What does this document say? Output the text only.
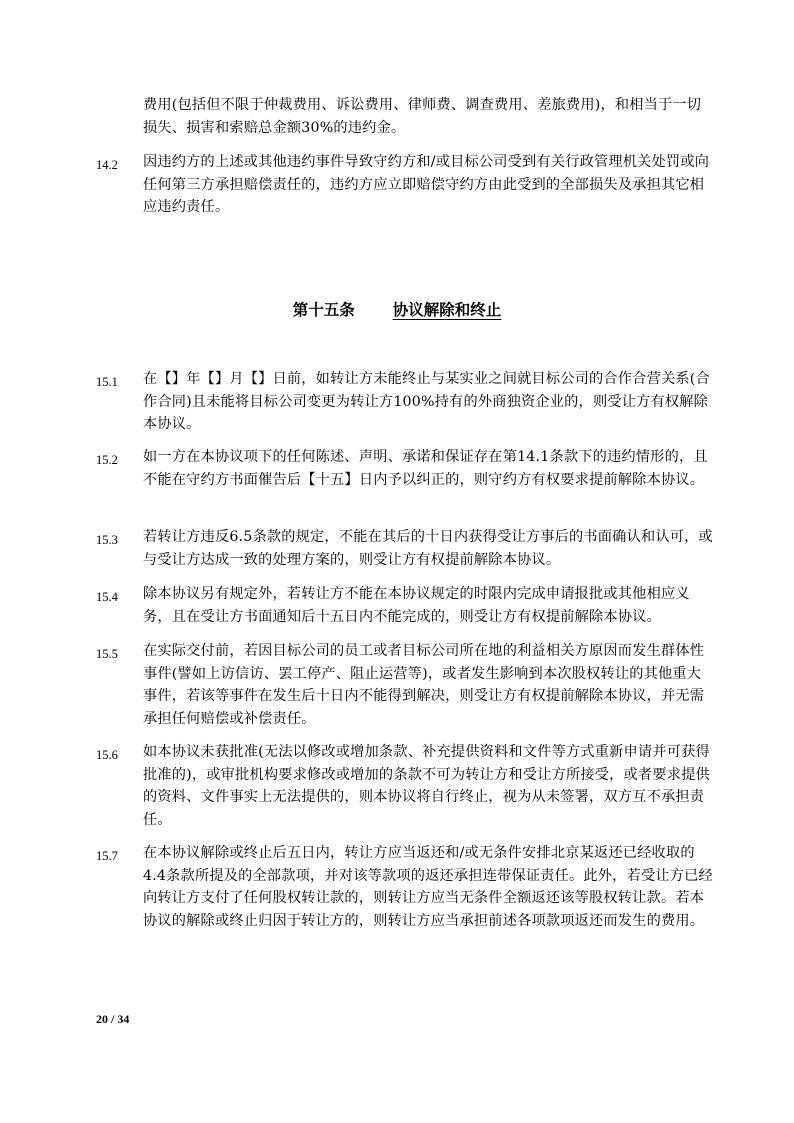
费用(包括但不限于仲裁费用、诉讼费用、律师费、调查费用、差旅费用)，和相当于一切损失、损害和索赔总金额30%的违约金。
14.2 因违约方的上述或其他违约事件导致守约方和/或目标公司受到有关行政管理机关处罚或向任何第三方承担赔偿责任的，违约方应立即赔偿守约方由此受到的全部损失及承担其它相应违约责任。
第十五条 协议解除和终止
15.1 在【】年【】月【】日前，如转让方未能终止与某实业之间就目标公司的合作合营关系(合作合同)且未能将目标公司变更为转让方100%持有的外商独资企业的，则受让方有权解除本协议。
15.2 如一方在本协议项下的任何陈述、声明、承诺和保证存在第14.1条款下的违约情形的，且不能在守约方书面催告后【十五】日内予以纠正的，则守约方有权要求提前解除本协议。
15.3 若转让方违反6.5条款的规定，不能在其后的十日内获得受让方事后的书面确认和认可，或与受让方达成一致的处理方案的，则受让方有权提前解除本协议。
15.4 除本协议另有规定外，若转让方不能在本协议规定的时限内完成申请报批或其他相应义务，且在受让方书面通知后十五日内不能完成的，则受让方有权提前解除本协议。
15.5 在实际交付前，若因目标公司的员工或者目标公司所在地的利益相关方原因而发生群体性事件(譬如上访信访、罢工停产、阻止运营等)，或者发生影响到本次股权转让的其他重大事件，若该等事件在发生后十日内不能得到解决，则受让方有权提前解除本协议，并无需承担任何赔偿或补偿责任。
15.6 如本协议未获批准(无法以修改或增加条款、补充提供资料和文件等方式重新申请并可获得批准的)，或审批机构要求修改或增加的条款不可为转让方和受让方所接受，或者要求提供的资料、文件事实上无法提供的，则本协议将自行终止，视为从未签署，双方互不承担责任。
15.7 在本协议解除或终止后五日内，转让方应当返还和/或无条件安排北京某返还已经收取的4.4条款所提及的全部款项，并对该等款项的返还承担连带保证责任。此外，若受让方已经向转让方支付了任何股权转让款的，则转让方应当无条件全额返还该等股权转让款。若本协议的解除或终止归因于转让方的，则转让方应当承担前述各项款项返还而发生的费用。
20 / 34
